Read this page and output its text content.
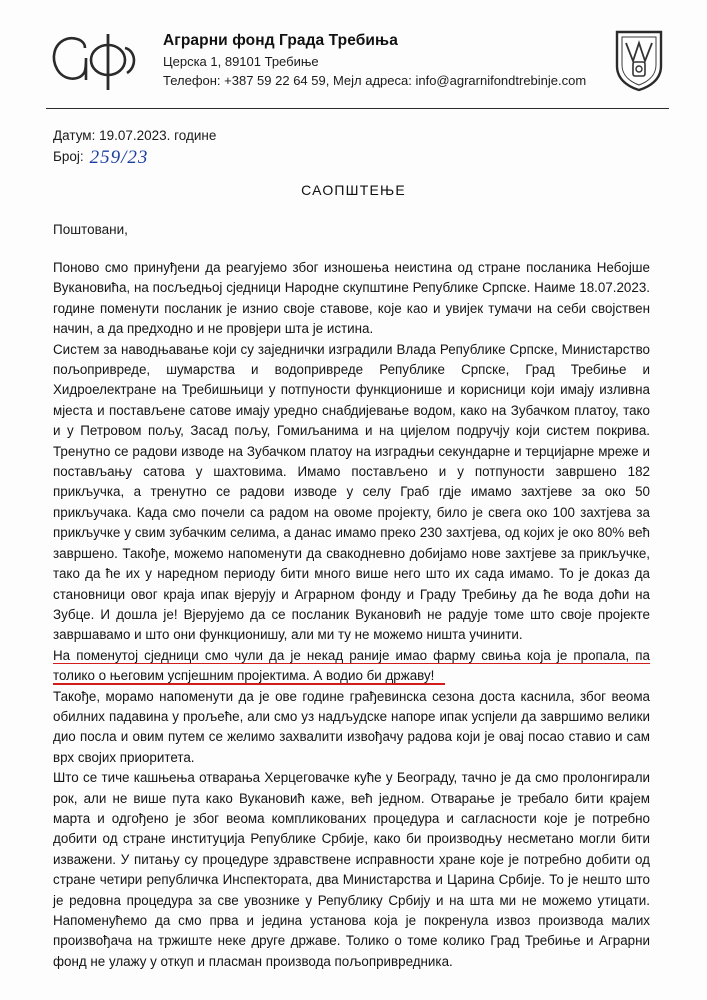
Аграрни фонд Града Требиња
Церска 1, 89101 Требиње
Телефон: +387 59 22 64 59, Мејл адреса: info@agrarnifondtrebinje.com
Датум: 19.07.2023. године
Број: 259/23
САОПШТЕЊЕ
Поштовани,

Поново смо принуђени да реагујемо због изношења неистина од стране посланика Небојше Вукановића, на посљедњој сједници Народне скупштине Републике Српске. Наиме 18.07.2023. године поменути посланик је изнио своје ставове, које као и увијек тумачи на себи својствен начин, а да предходно и не провјери шта је истина.

Систем за наводњавање који су заједнички изградили Влада Републике Српске, Министарство пољопривреде, шумарства и водопривреде Републике Српске, Град Требиње и Хидроелектране на Требишњици у потпуности функционише и корисници који имају изливна мјеста и постављене сатове имају уредно снабдијевање водом, како на Зубачком платоу, тако и у Петровом пољу, Засад пољу, Гомиљанима и на цијелом подручју који систем покрива. Тренутно се радови изводе на Зубачком платоу на изградњи секундарне и терцијарне мреже и постављању сатова у шахтовима. Имамо постављено и у потпуности завршено 182 прикључка, а тренутно се радови изводе у селу Граб гдје имамо захтјеве за око 50 прикључака. Када смо почели са радом на овоме пројекту, било је свега око 100 захтјева за прикључке у свим зубачким селима, а данас имамо преко 230 захтјева, од којих је око 80% већ завршено. Такође, можемо напоменути да свакодневно добијамо нове захтјеве за прикључке, тако да ће их у наредном периоду бити много више него што их сада имамо. То је доказ да становници овог краја ипак вјерују и Аграрном фонду и Граду Требињу да ће вода доћи на Зубце. И дошла је! Вјерујемо да се посланик Вукановић не радује томе што своје пројекте завршавамо и што они функционишу, али ми ту не можемо ништа учинити.

На поменутој сједници смо чули да је некад раније имао фарму свиња која је пропала, па толико о његовим успјешним пројектима. А водио би државу!

Такође, морамо напоменути да је ове године грађевинска сезона доста каснила, због веома обилних падавина у прољеће, али смо уз надљудске напоре ипак успјели да завршимо велики дио посла и овим путем се желимо захвалити извођачу радова који је овај посао ставио и сам врх својих приоритета.

Што се тиче кашњења отварања Херцеговачке куће у Београду, тачно је да смо пролонгирали рок, али не више пута како Вукановић каже, већ једном. Отварање је требало бити крајем марта и одгођено је због веома компликованих процедура и сагласности које је потребно добити од стране институција Републике Србије, како би производњу несметано могли бити изважени. У питању су процедуре здравствене исправности хране које је потребно добити од стране четири републичка Инспектората, два Министарства и Царина Србије. То је нешто што је редовна процедура за све увознике у Републику Србију и на шта ми не можемо утицати. Напоменућемо да смо прва и једина установа која је покренула извоз производа малих произвођача на тржиште неке друге државе. Толико о томе колико Град Требиње и Аграрни фонд не улажу у откуп и пласман производа пољопривредника.
